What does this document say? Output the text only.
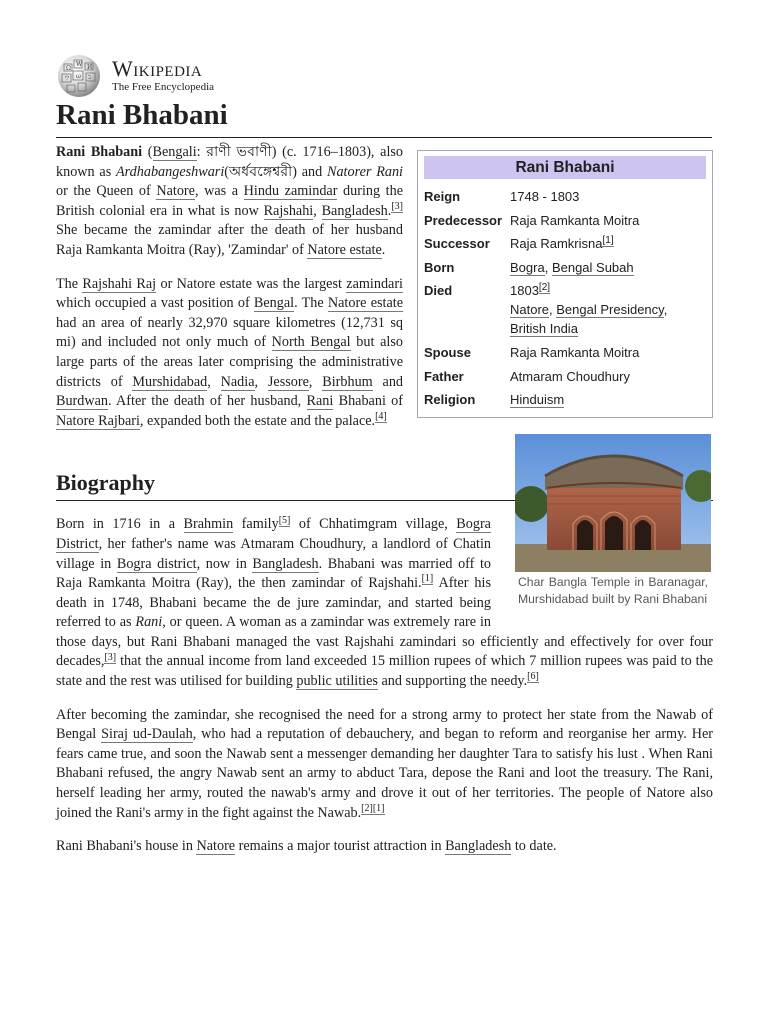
Ω
W И
ウ ω ב Wikipedia
The Free Encyclopedia
Rani Bhabani
Rani Bhabani
Reign	1748 - 1803
Predecessor	Raja Ramkanta Moitra
Successor	Raja Ramkrisna[1]
Born	Bogra, Bengal Subah
Died	1803[2]
Natore, Bengal Presidency,
British India
Spouse	Raja Ramkanta Moitra
Father	Atmaram Choudhury
Religion	Hinduism

Rani Bhabani (Bengali: রাণী ভবাণী) (c. 1716–1803), also known as Ardhabangeshwari(অর্ধবঙ্গেশ্বরী) and Natorer Rani or the Queen of Natore, was a Hindu zamindar during the British colonial era in what is now Rajshahi, Bangladesh.[3] She became the zamindar after the death of her husband Raja Ramkanta Moitra (Ray), 'Zamindar' of Natore estate.

Char Bangla Temple in Baranagar, Murshidabad built by Rani Bhabani

The Rajshahi Raj or Natore estate was the largest zamindari which occupied a vast position of Bengal. The Natore estate had an area of nearly 32,970 square kilometres (12,731 sq mi) and included not only much of North Bengal but also large parts of the areas later comprising the administrative districts of Murshidabad, Nadia, Jessore, Birbhum and Burdwan. After the death of her husband, Rani Bhabani of Natore Rajbari, expanded both the estate and the palace.[4]

Biography

Born in 1716 in a Brahmin family[5] of Chhatimgram village, Bogra District, her father's name was Atmaram Choudhury, a landlord of Chatin village in Bogra district, now in Bangladesh. Bhabani was married off to Raja Ramkanta Moitra (Ray), the then zamindar of Rajshahi.[1] After his death in 1748, Bhabani became the de jure zamindar, and started being referred to as Rani, or queen. A woman as a zamindar was extremely rare in those days, but Rani Bhabani managed the vast Rajshahi zamindari so efficiently and effectively for over four decades,[3] that the annual income from land exceeded 15 million rupees of which 7 million rupees was paid to the state and the rest was utilised for building public utilities and supporting the needy.[6]

After becoming the zamindar, she recognised the need for a strong army to protect her state from the Nawab of Bengal Siraj ud-Daulah, who had a reputation of debauchery, and began to reform and reorganise her army. Her fears came true, and soon the Nawab sent a messenger demanding her daughter Tara to satisfy his lust . When Rani Bhabani refused, the angry Nawab sent an army to abduct Tara, depose the Rani and loot the treasury. The Rani, herself leading her army, routed the nawab's army and drove it out of her territories. The people of Natore also joined the Rani's army in the fight against the Nawab.[2][1]

Rani Bhabani's house in Natore remains a major tourist attraction in Bangladesh to date.
